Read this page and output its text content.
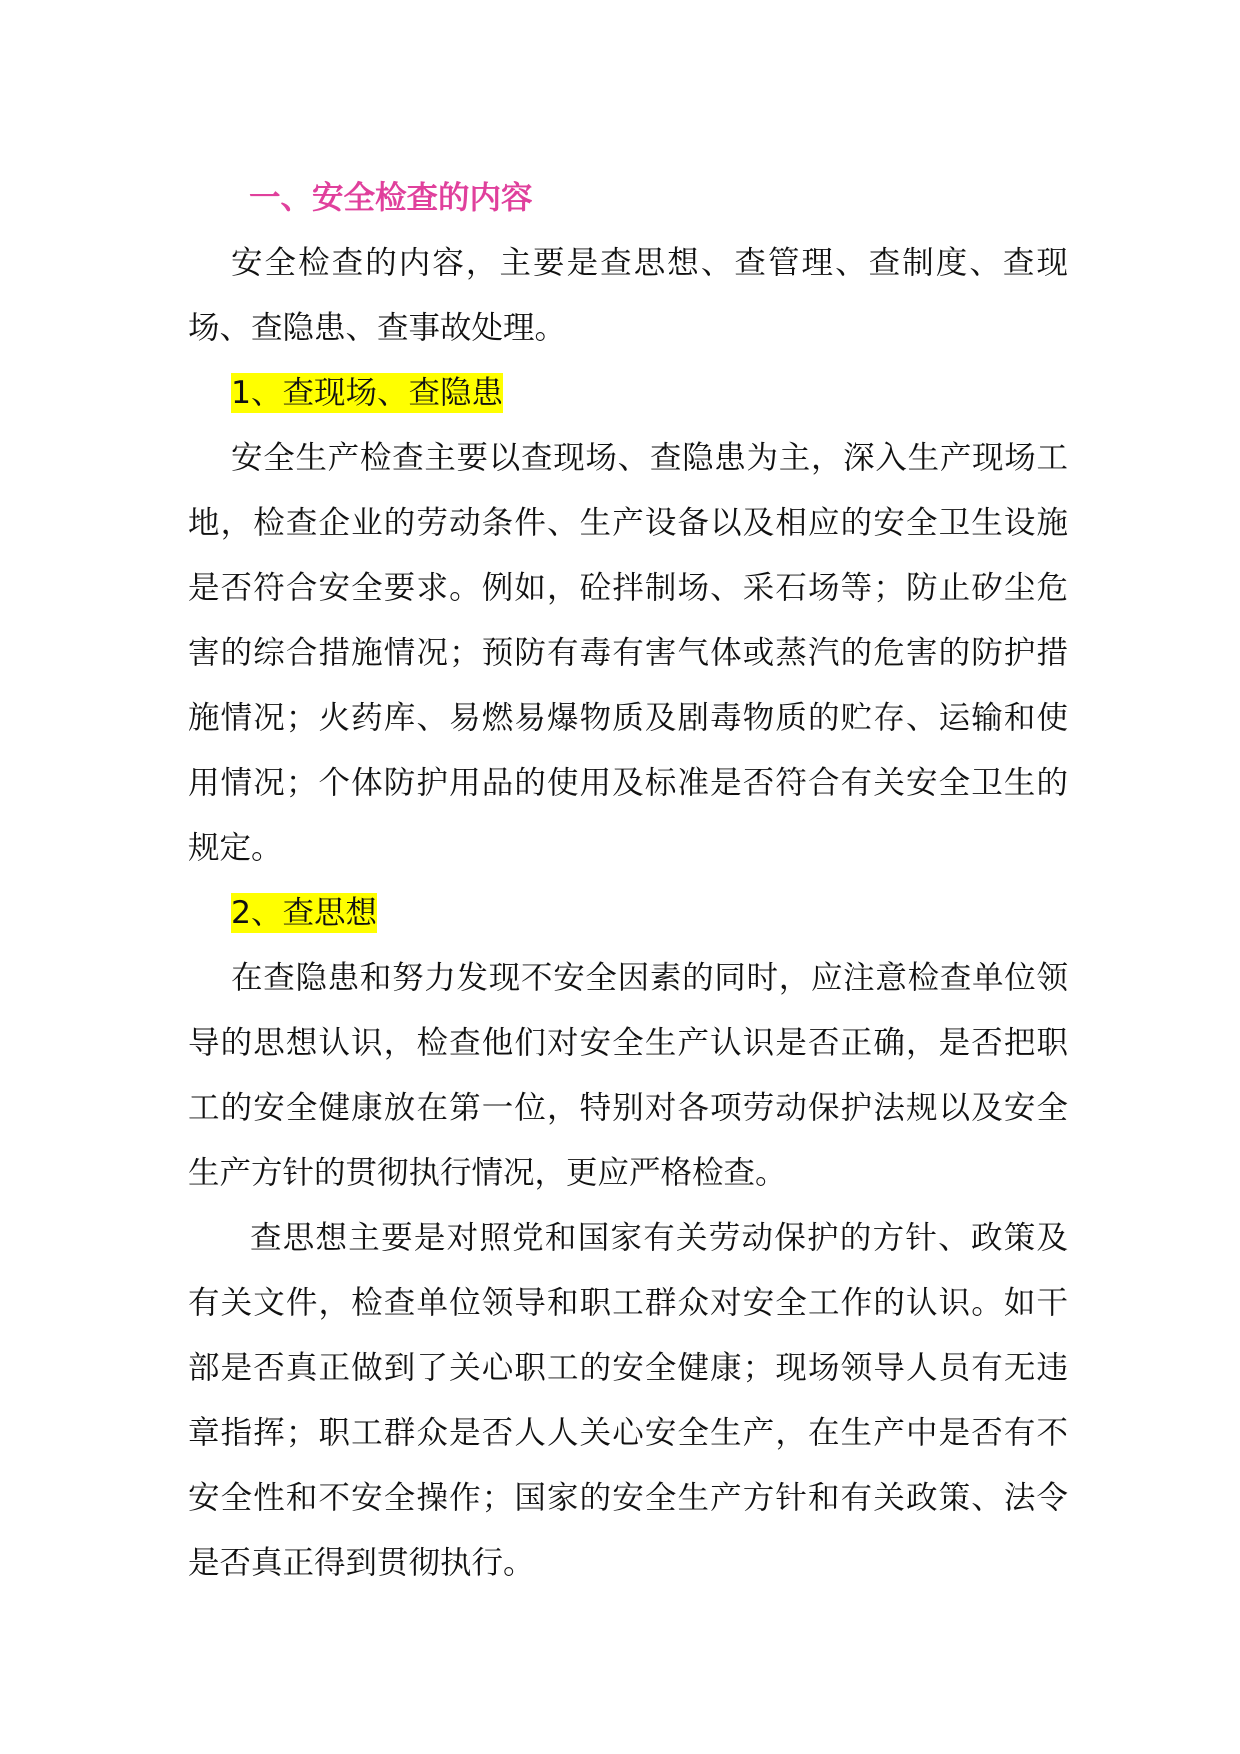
一、安全检查的内容

安全检查的内容，主要是查思想、查管理、查制度、查现场、查隐患、查事故处理。

1、查现场、查隐患

安全生产检查主要以查现场、查隐患为主，深入生产现场工地，检查企业的劳动条件、生产设备以及相应的安全卫生设施是否符合安全要求。例如，砼拌制场、采石场等；防止矽尘危害的综合措施情况；预防有毒有害气体或蒸汽的危害的防护措施情况；火药库、易燃易爆物质及剧毒物质的贮存、运输和使用情况；个体防护用品的使用及标准是否符合有关安全卫生的规定。

2、查思想

在查隐患和努力发现不安全因素的同时，应注意检查单位领导的思想认识，检查他们对安全生产认识是否正确，是否把职工的安全健康放在第一位，特别对各项劳动保护法规以及安全生产方针的贯彻执行情况，更应严格检查。

查思想主要是对照党和国家有关劳动保护的方针、政策及有关文件，检查单位领导和职工群众对安全工作的认识。如干部是否真正做到了关心职工的安全健康；现场领导人员有无违章指挥；职工群众是否人人关心安全生产，在生产中是否有不安全性和不安全操作；国家的安全生产方针和有关政策、法令是否真正得到贯彻执行。
